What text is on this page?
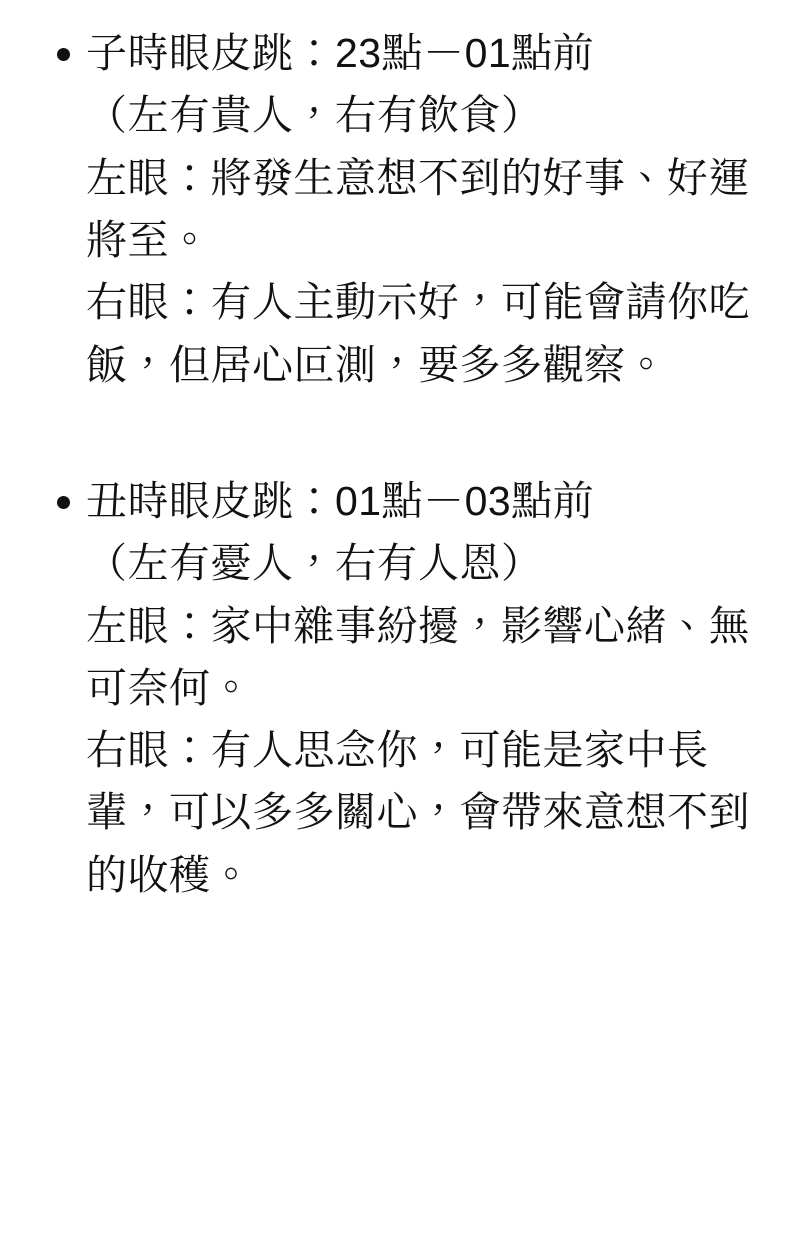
子時眼皮跳：23點－01點前
（左有貴人，右有飲食）
左眼：將發生意想不到的好事、好運將至。
右眼：有人主動示好，可能會請你吃飯，但居心叵測，要多多觀察。
丑時眼皮跳：01點－03點前
（左有憂人，右有人恩）
左眼：家中雜事紛擾，影響心緒、無可奈何。
右眼：有人思念你，可能是家中長輩，可以多多關心，會帶來意想不到的收穫。
